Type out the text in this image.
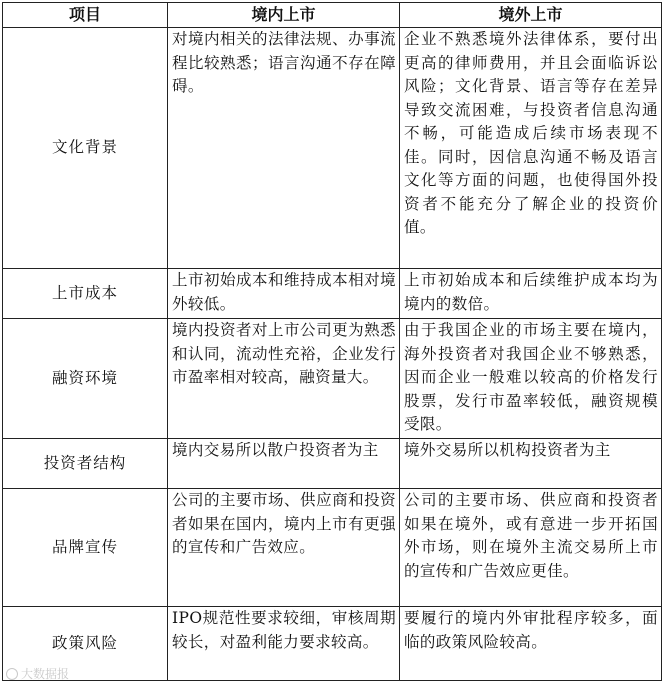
项目	境内上市	境外上市
文化背景	对境内相关的法律法规、办事流程比较熟悉；语言沟通不存在障碍。	企业不熟悉境外法律体系，要付出更高的律师费用，并且会面临诉讼风险；文化背景、语言等存在差异导致交流困难，与投资者信息沟通不畅，可能造成后续市场表现不佳。同时，因信息沟通不畅及语言文化等方面的问题，也使得国外投资者不能充分了解企业的投资价值。
上市成本	上市初始成本和维持成本相对境外较低。	上市初始成本和后续维护成本均为境内的数倍。
融资环境	境内投资者对上市公司更为熟悉和认同，流动性充裕，企业发行市盈率相对较高，融资量大。	由于我国企业的市场主要在境内，海外投资者对我国企业不够熟悉，因而企业一般难以较高的价格发行股票，发行市盈率较低，融资规模受限。
投资者结构	境内交易所以散户投资者为主	境外交易所以机构投资者为主
品牌宣传	公司的主要市场、供应商和投资者如果在国内，境内上市有更强的宣传和广告效应。	公司的主要市场、供应商和投资者如果在境外，或有意进一步开拓国外市场，则在境外主流交易所上市的宣传和广告效应更佳。
政策风险	IPO规范性要求较细，审核周期较长，对盈利能力要求较高。	要履行的境内外审批程序较多，面临的政策风险较高。
大数据报
